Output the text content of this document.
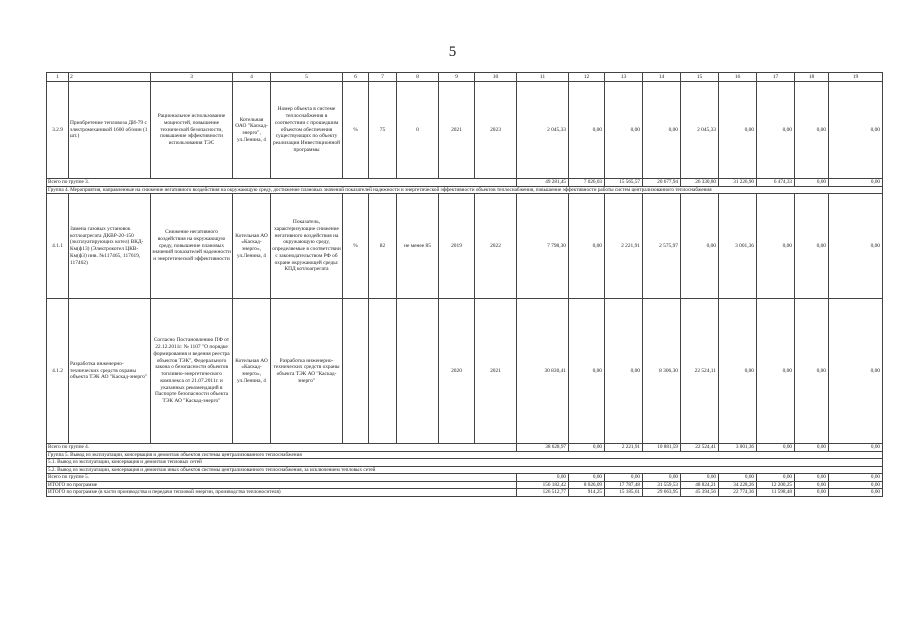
5
1	2	3	4	5	6	7	8	9	10	11	12	13	14	15	16	17	18	19
3.2.9	Приобретение тепловоза ДИ-79 с электромеханикой 1600 об/мин (1 шт.)	Рациональное использование мощностей, повышение технической безопасности, повышение эффективности использования ТЭС	Котельная ОАО "Каскад-энерго", ул.Ленина, 4	Номер объекта в системе теплоснабжения в соответствии с прошедшим объектом обеспечения существующих по объекту реализации Инвестиционной программы	%	75	0	2021	2023	2 045,33	0,00	0,00	0,00	2 045,33	0,00	0,00	0,00	0,00
Всего по группе 3.										49 281,45	7 026,03	15 565,57	20 677,94	26 330,80	31 226,90	6 474,33	0,00	0,00
Группа 4. Мероприятия, направленные на снижение негативного воздействия на окружающую среду, достижение плановых значений показателей надежности и энергетической эффективности объектов теплоснабжения, повышение эффективности работы систем централизованного теплоснабжения																		
4.1.1	Замена газовых установок котлоагрегата ДКВР-20-150 (эксплуатирующих котел) ВКД-Км(ф13) (Электрокотел ЦКВ-Км(ф3) инв. №117465, 117619, 117462)	Снижение негативного воздействия на окружающую среду, повышение плановых значений показателей надежности и энергетической эффективности	Котельная АО «Каскад-энерго», ул.Ленина, 4	Показатель, характеризующие снижение негативного воздействия на окружающую среду, определяемые в соответствии с законодательством РФ об охране окружающей среды: КПД котлоагрегата	%	82	не менее 85	2019	2022	7 798,30	0,00	2 221,91	2 575,97	0,00	3 001,36	0,00	0,00	0,00
4.1.2	Разработка инженерно-технических средств охраны объекта ТЭК АО "Каскад-энерго"	Согласно Постановлению ПФ от 22.12.2011г. № 1107 "О порядке формирования и ведения реестра объектов ТЭК", Федерального закона о безопасности объектов топливно-энергетического комплекса от 21.07.2011г. и указанных рекомендаций в Паспорте безопасности объекта ТЭК АО "Каскад-энерго"	Котельная АО «Каскад-энерго», ул.Ленина, 4	Разработка инженерно-технических средств охраны объекта ТЭК АО "Каскад-энерго"				2020	2021	30 830,41	0,00	0,00	8 306,30	22 524,11	0,00	0,00	0,00	0,00
Всего по группе 4.										38 628,97	0,00	2 221,91	10 881,59	22 524,41	3 001,36	0,00	0,00	0,00
Группа 5. Вывод из эксплуатации, консервация и демонтаж объектов системы централизованного теплоснабжения																		
5.1. Вывод из эксплуатации, консервация и демонтаж тепловых сетей																		
5.2. Вывод из эксплуатации, консервация и демонтаж иных объектов системы централизованного теплоснабжения, за исключением тепловых сетей																		
Всего по группе 5.										0,00	0,00	0,00	0,00	0,00	0,00	0,00	0,00	0,00
ИТОГО по программе										156 182,42	8 026,09	17 787,48	31 559,53	48 824,21	34 228,26	12 200,25	0,00	0,00
ИТОГО по программе (в части производства и передачи тепловой энергии, производства теплоносителя)										126 512,77	914,25	15 185,61	29 663,95	45 394,56	22 774,36	11 598,48	0,00	0,00
